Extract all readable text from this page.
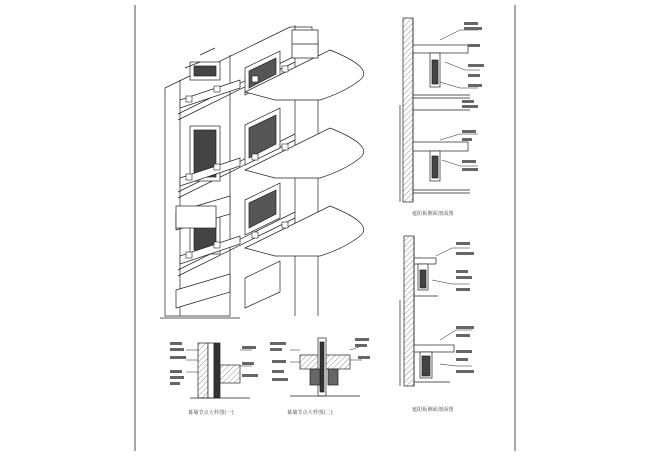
遮阳板侧面剖面图
遮阳板侧面剖面图
幕墙节点大样图(一)	幕墙节点大样图(二)
